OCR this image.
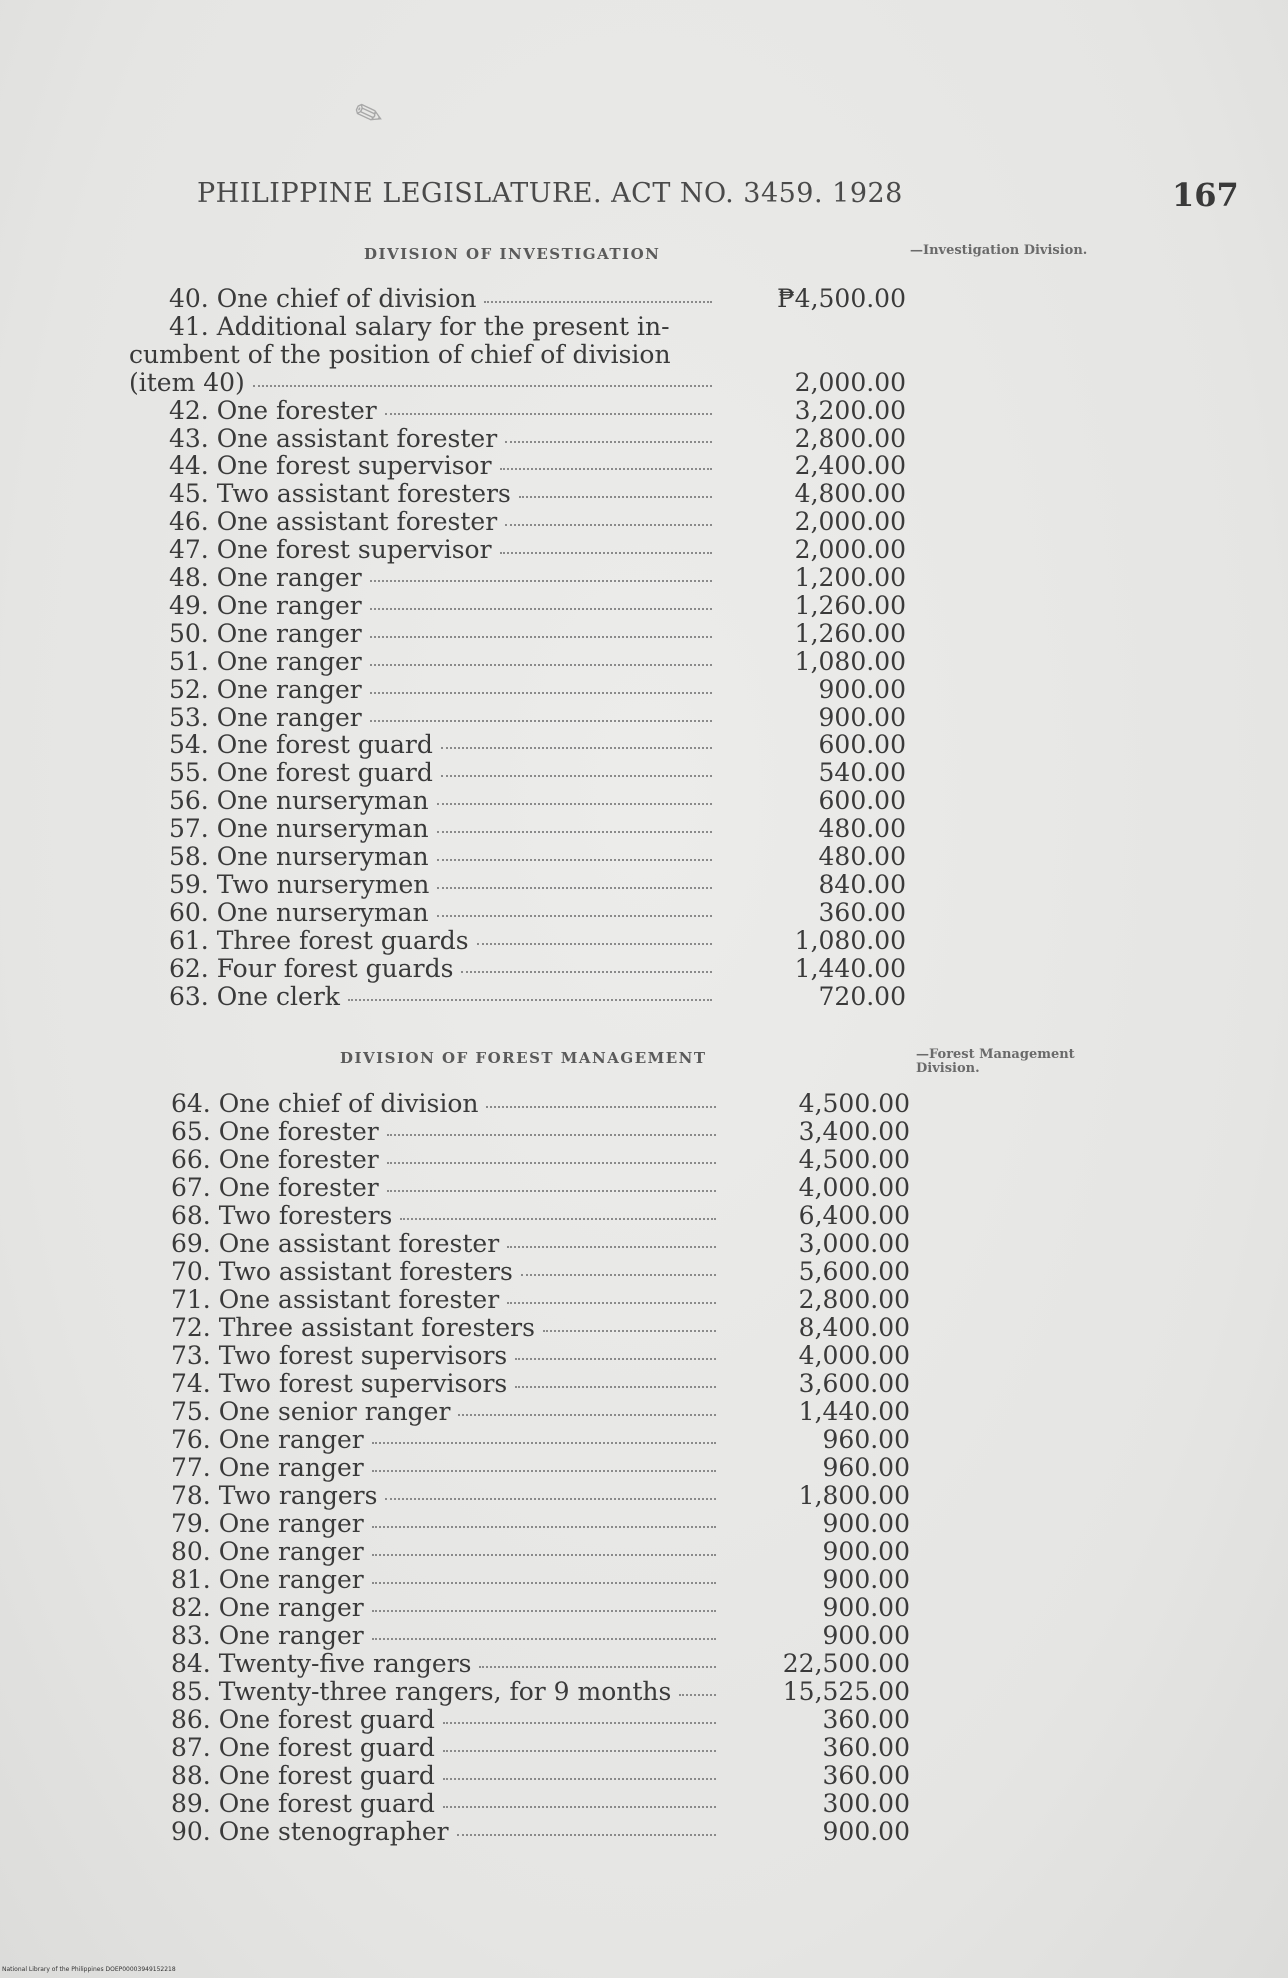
✎
PHILIPPINE LEGISLATURE. ACT NO. 3459. 1928	167
DIVISION OF INVESTIGATION	—Investigation Division.
40. One chief of division	₱4,500.00
41. Additional salary for the present in-
cumbent of the position of chief of division
(item 40)	2,000.00
42. One forester	3,200.00
43. One assistant forester	2,800.00
44. One forest supervisor	2,400.00
45. Two assistant foresters	4,800.00
46. One assistant forester	2,000.00
47. One forest supervisor	2,000.00
48. One ranger	1,200.00
49. One ranger	1,260.00
50. One ranger	1,260.00
51. One ranger	1,080.00
52. One ranger	900.00
53. One ranger	900.00
54. One forest guard	600.00
55. One forest guard	540.00
56. One nurseryman	600.00
57. One nurseryman	480.00
58. One nurseryman	480.00
59. Two nurserymen	840.00
60. One nurseryman	360.00
61. Three forest guards	1,080.00
62. Four forest guards	1,440.00
63. One clerk	720.00
DIVISION OF FOREST MANAGEMENT	—Forest Management Division.
64. One chief of division	4,500.00
65. One forester	3,400.00
66. One forester	4,500.00
67. One forester	4,000.00
68. Two foresters	6,400.00
69. One assistant forester	3,000.00
70. Two assistant foresters	5,600.00
71. One assistant forester	2,800.00
72. Three assistant foresters	8,400.00
73. Two forest supervisors	4,000.00
74. Two forest supervisors	3,600.00
75. One senior ranger	1,440.00
76. One ranger	960.00
77. One ranger	960.00
78. Two rangers	1,800.00
79. One ranger	900.00
80. One ranger	900.00
81. One ranger	900.00
82. One ranger	900.00
83. One ranger	900.00
84. Twenty-five rangers	22,500.00
85. Twenty-three rangers, for 9 months	15,525.00
86. One forest guard	360.00
87. One forest guard	360.00
88. One forest guard	360.00
89. One forest guard	300.00
90. One stenographer	900.00
National Library of the Philippines DOEP00003949152218
